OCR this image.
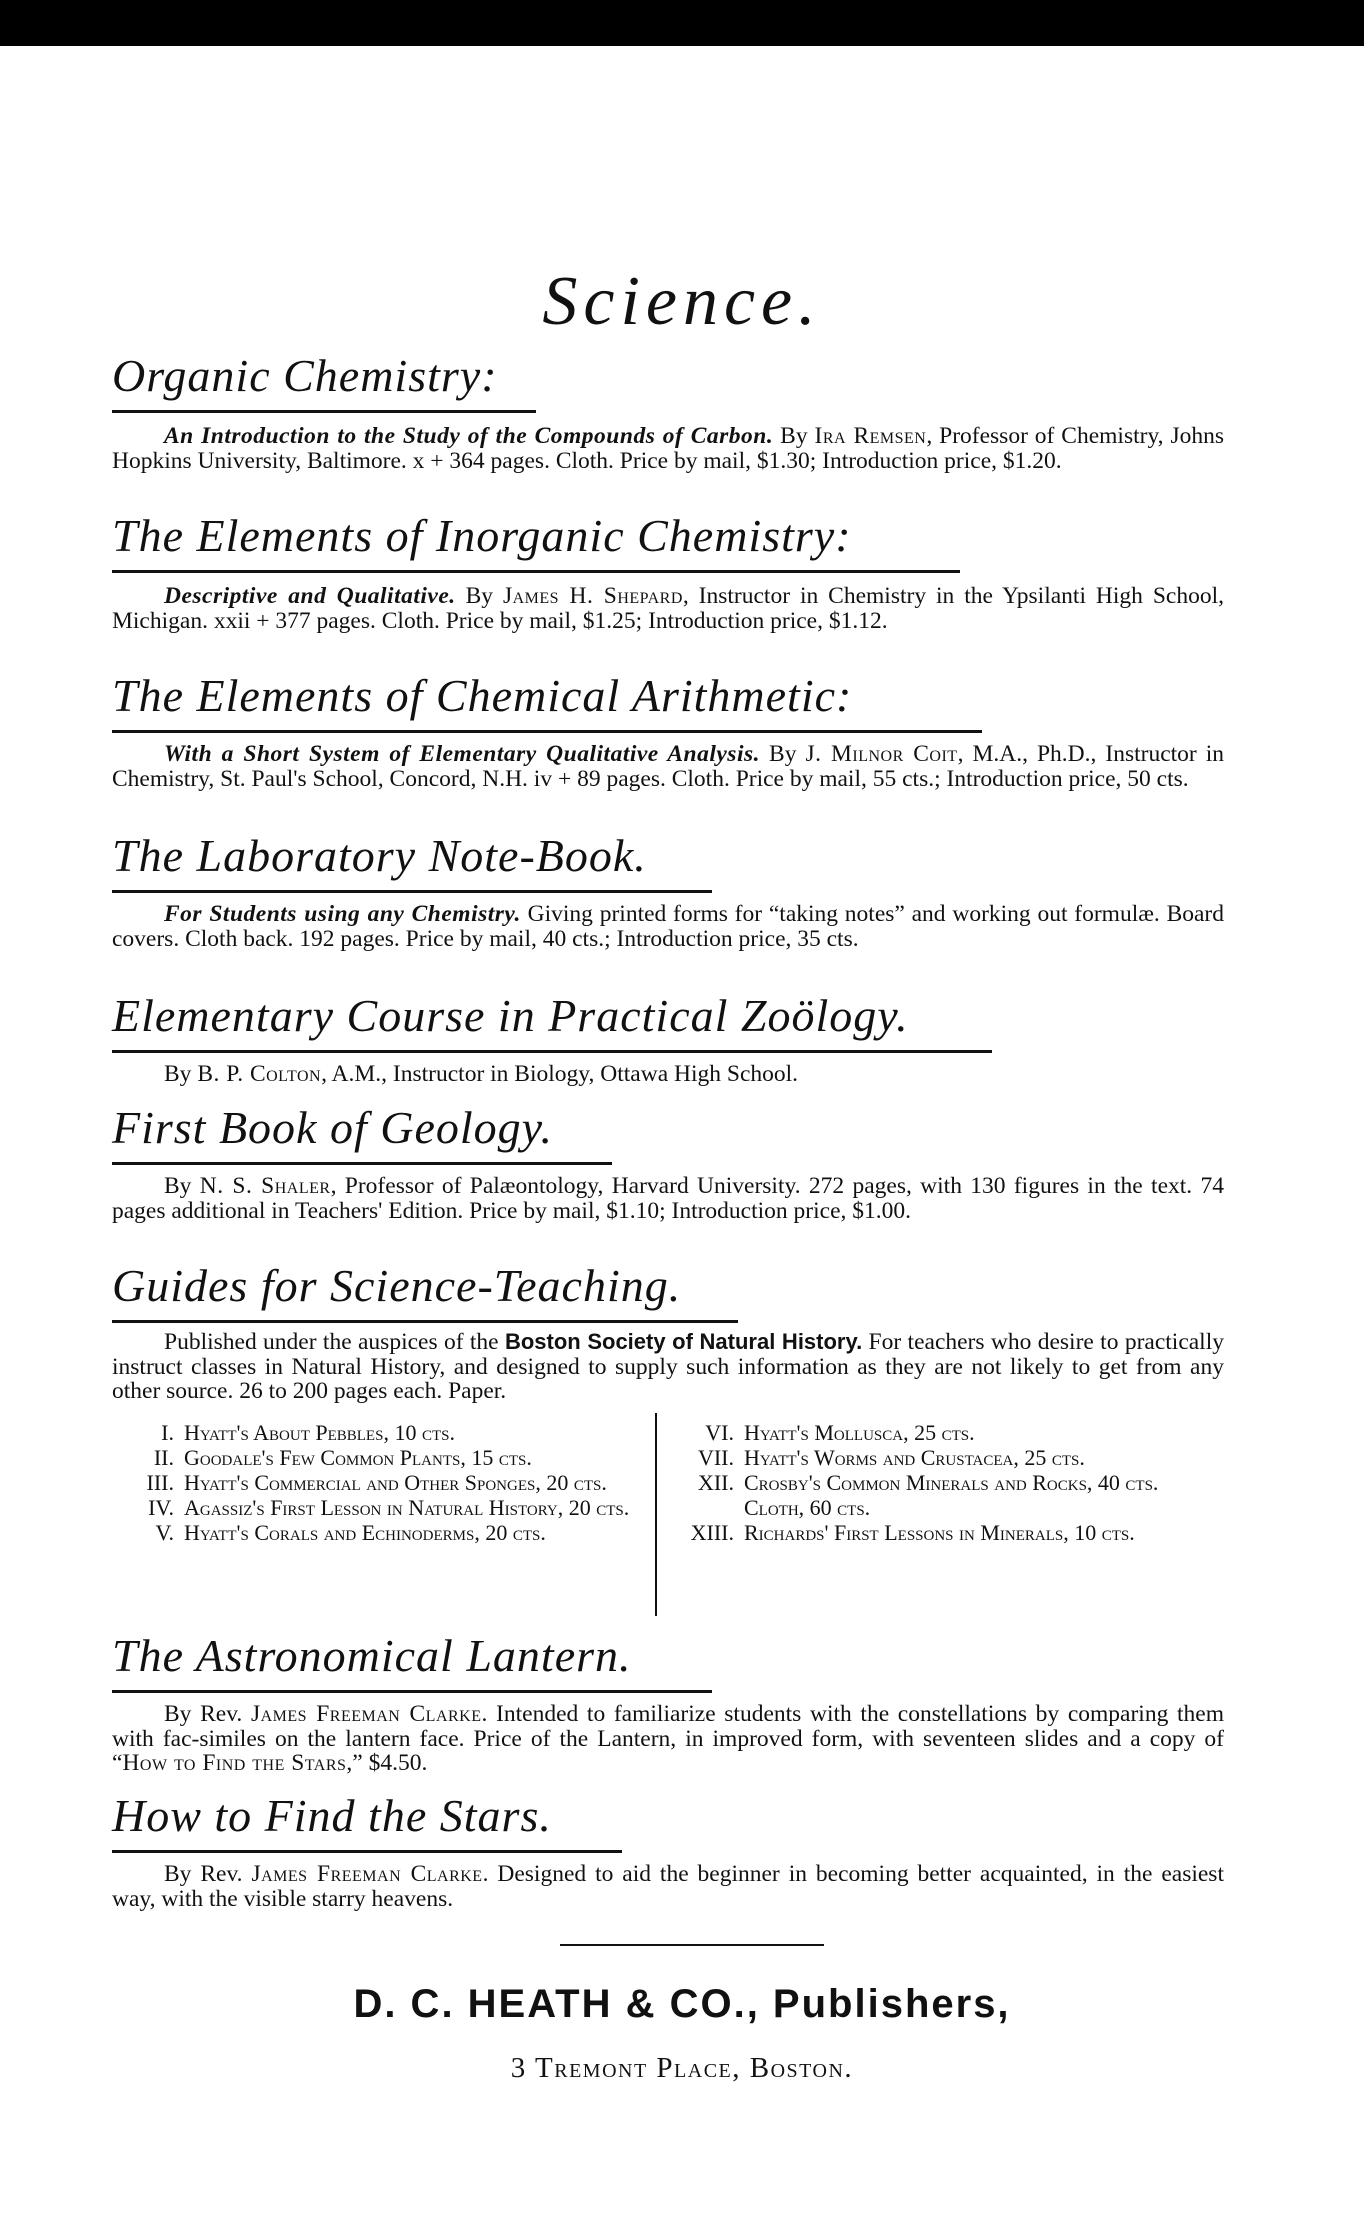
Science.
Organic Chemistry:
An Introduction to the Study of the Compounds of Carbon. By Ira Remsen, Professor of Chemistry, Johns Hopkins University, Baltimore. x + 364 pages. Cloth. Price by mail, $1.30; Introduction price, $1.20.
The Elements of Inorganic Chemistry:
Descriptive and Qualitative. By James H. Shepard, Instructor in Chemistry in the Ypsilanti High School, Michigan. xxii + 377 pages. Cloth. Price by mail, $1.25; Introduction price, $1.12.
The Elements of Chemical Arithmetic:
With a Short System of Elementary Qualitative Analysis. By J. Milnor Coit, M.A., Ph.D., Instructor in Chemistry, St. Paul's School, Concord, N.H. iv + 89 pages. Cloth. Price by mail, 55 cts.; Introduction price, 50 cts.
The Laboratory Note-Book.
For Students using any Chemistry. Giving printed forms for “taking notes” and working out formulæ. Board covers. Cloth back. 192 pages. Price by mail, 40 cts.; Introduction price, 35 cts.
Elementary Course in Practical Zoölogy.
By B. P. Colton, A.M., Instructor in Biology, Ottawa High School.
First Book of Geology.
By N. S. Shaler, Professor of Palæontology, Harvard University. 272 pages, with 130 figures in the text. 74 pages additional in Teachers' Edition. Price by mail, $1.10; Introduction price, $1.00.
Guides for Science-Teaching.
Published under the auspices of the Boston Society of Natural History. For teachers who desire to practically instruct classes in Natural History, and designed to supply such information as they are not likely to get from any other source. 26 to 200 pages each. Paper.
I. Hyatt's About Pebbles, 10 cts.
II. Goodale's Few Common Plants, 15 cts.
III. Hyatt's Commercial and Other Sponges, 20 cts.
IV. Agassiz's First Lesson in Natural History, 20 cts.
V. Hyatt's Corals and Echinoderms, 20 cts.
VI. Hyatt's Mollusca, 25 cts.
VII. Hyatt's Worms and Crustacea, 25 cts.
XII. Crosby's Common Minerals and Rocks, 40 cts. Cloth, 60 cts.
XIII. Richards' First Lessons in Minerals, 10 cts.
The Astronomical Lantern.
By Rev. James Freeman Clarke. Intended to familiarize students with the constellations by comparing them with fac-similes on the lantern face. Price of the Lantern, in improved form, with seventeen slides and a copy of “How to Find the Stars,” $4.50.
How to Find the Stars.
By Rev. James Freeman Clarke. Designed to aid the beginner in becoming better acquainted, in the easiest way, with the visible starry heavens.
D. C. HEATH & CO., Publishers,
3 Tremont Place, Boston.
